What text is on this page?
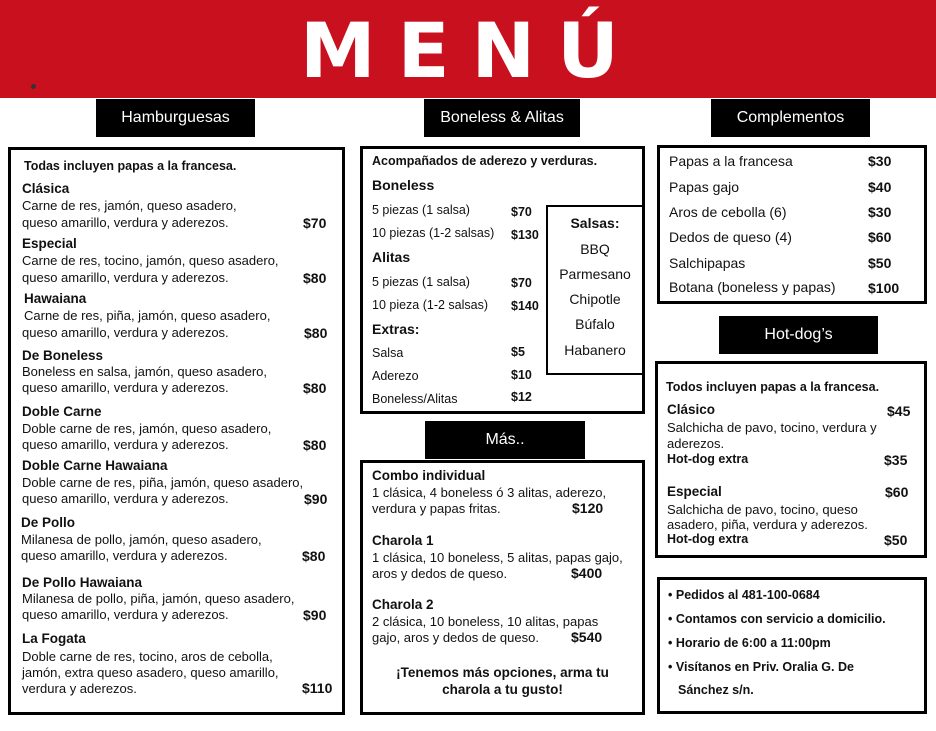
MENÚ
Hamburguesas	Boneless & Alitas	Complementos
Hot-dog’s
Más..
Todas incluyen papas a la francesa.
Clásica
Carne de res, jamón, queso asadero,
queso amarillo, verdura y aderezos.	$70
Especial
Carne de res, tocino, jamón, queso asadero,
queso amarillo, verdura y aderezos.	$80
Hawaiana
Carne de res, piña, jamón, queso asadero,
queso amarillo, verdura y aderezos.	$80
De Boneless
Boneless en salsa, jamón, queso asadero,
queso amarillo, verdura y aderezos.	$80
Doble Carne
Doble carne de res, jamón, queso asadero,
queso amarillo, verdura y aderezos.	$80
Doble Carne Hawaiana
Doble carne de res, piña, jamón, queso asadero,
queso amarillo, verdura y aderezos.	$90
De Pollo
Milanesa de pollo, jamón, queso asadero,
queso amarillo, verdura y aderezos.	$80
De Pollo Hawaiana
Milanesa de pollo, piña, jamón, queso asadero,
queso amarillo, verdura y aderezos.	$90
La Fogata
Doble carne de res, tocino, aros de cebolla,
jamón, extra queso asadero, queso amarillo,
verdura y aderezos.	$110
Acompañados de aderezo y verduras.
Boneless
5 piezas (1 salsa)	$70
10 piezas (1-2 salsas) $130
Alitas
5 piezas (1 salsa)	$70
10 pieza (1-2 salsas) $140
Extras:
Salsa	$5
Aderezo	$10
Boneless/Alitas	$12
Salsas:
BBQ
Parmesano
Chipotle
Búfalo
Habanero
Combo individual
1 clásica, 4 boneless ó 3 alitas, aderezo,
verdura y papas fritas.	$120
Charola 1
1 clásica, 10 boneless, 5 alitas, papas gajo,
aros y dedos de queso.	$400
Charola 2
2 clásica, 10 boneless, 10 alitas, papas
gajo, aros y dedos de queso. $540
¡Tenemos más opciones, arma tu
charola a tu gusto!
Papas a la francesa	$30
Papas gajo	$40
Aros de cebolla (6)	$30
Dedos de queso (4)	$60
Salchipapas	$50
Botana (boneless y papas) $100
Todos incluyen papas a la francesa.
Clásico	$45
Salchicha de pavo, tocino, verdura y
aderezos.
Hot-dog extra	$35
Especial	$60
Salchicha de pavo, tocino, queso
asadero, piña, verdura y aderezos.
Hot-dog extra	$50
• Pedidos al 481-100-0684
• Contamos con servicio a domicilio.
• Horario de 6:00 a 11:00pm
• Visítanos en Priv. Oralia G. De
Sánchez s/n.
